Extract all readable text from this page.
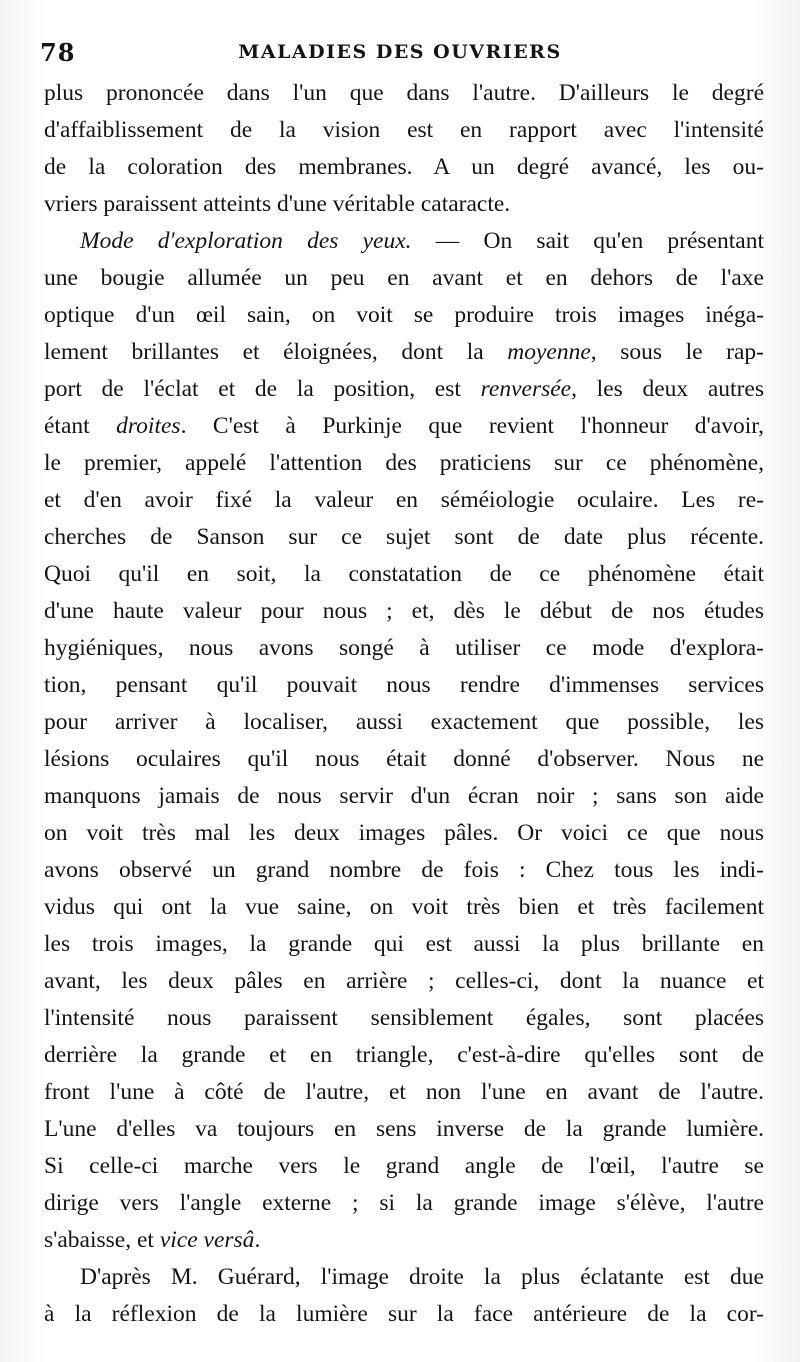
78	MALADIES DES OUVRIERS
plus prononcée dans l'un que dans l'autre. D'ailleurs le degré
d'affaiblissement de la vision est en rapport avec l'intensité
de la coloration des membranes. A un degré avancé, les ou-
vriers paraissent atteints d'une véritable cataracte.
Mode d'exploration des yeux. — On sait qu'en présentant
une bougie allumée un peu en avant et en dehors de l'axe
optique d'un œil sain, on voit se produire trois images inéga-
lement brillantes et éloignées, dont la moyenne, sous le rap-
port de l'éclat et de la position, est renversée, les deux autres
étant droites. C'est à Purkinje que revient l'honneur d'avoir,
le premier, appelé l'attention des praticiens sur ce phénomène,
et d'en avoir fixé la valeur en séméiologie oculaire. Les re-
cherches de Sanson sur ce sujet sont de date plus récente.
Quoi qu'il en soit, la constatation de ce phénomène était
d'une haute valeur pour nous ; et, dès le début de nos études
hygiéniques, nous avons songé à utiliser ce mode d'explora-
tion, pensant qu'il pouvait nous rendre d'immenses services
pour arriver à localiser, aussi exactement que possible, les
lésions oculaires qu'il nous était donné d'observer. Nous ne
manquons jamais de nous servir d'un écran noir ; sans son aide
on voit très mal les deux images pâles. Or voici ce que nous
avons observé un grand nombre de fois : Chez tous les indi-
vidus qui ont la vue saine, on voit très bien et très facilement
les trois images, la grande qui est aussi la plus brillante en
avant, les deux pâles en arrière ; celles-ci, dont la nuance et
l'intensité nous paraissent sensiblement égales, sont placées
derrière la grande et en triangle, c'est-à-dire qu'elles sont de
front l'une à côté de l'autre, et non l'une en avant de l'autre.
L'une d'elles va toujours en sens inverse de la grande lumière.
Si celle-ci marche vers le grand angle de l'œil, l'autre se
dirige vers l'angle externe ; si la grande image s'élève, l'autre
s'abaisse, et vice versâ.
D'après M. Guérard, l'image droite la plus éclatante est due
à la réflexion de la lumière sur la face antérieure de la cor-
